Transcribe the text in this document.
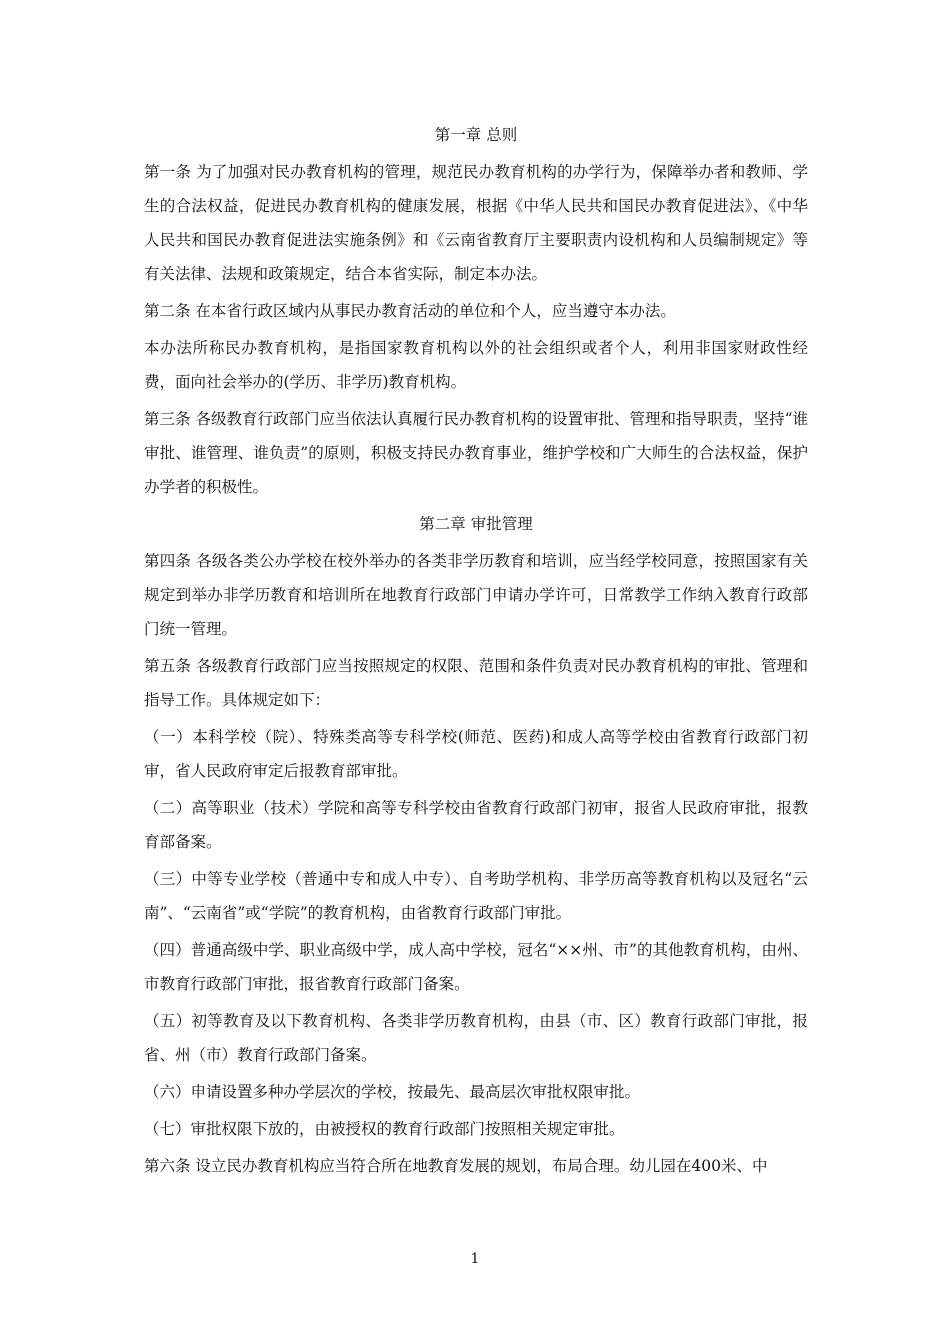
第一章 总则

第一条 为了加强对民办教育机构的管理，规范民办教育机构的办学行为，保障举办者和教师、学生的合法权益，促进民办教育机构的健康发展，根据《中华人民共和国民办教育促进法》、《中华人民共和国民办教育促进法实施条例》和《云南省教育厅主要职责内设机构和人员编制规定》等有关法律、法规和政策规定，结合本省实际，制定本办法。

第二条 在本省行政区域内从事民办教育活动的单位和个人，应当遵守本办法。

本办法所称民办教育机构，是指国家教育机构以外的社会组织或者个人，利用非国家财政性经费，面向社会举办的(学历、非学历)教育机构。

第三条 各级教育行政部门应当依法认真履行民办教育机构的设置审批、管理和指导职责，坚持“谁审批、谁管理、谁负责”的原则，积极支持民办教育事业，维护学校和广大师生的合法权益，保护办学者的积极性。

第二章 审批管理

第四条 各级各类公办学校在校外举办的各类非学历教育和培训，应当经学校同意，按照国家有关规定到举办非学历教育和培训所在地教育行政部门申请办学许可，日常教学工作纳入教育行政部门统一管理。

第五条 各级教育行政部门应当按照规定的权限、范围和条件负责对民办教育机构的审批、管理和指导工作。具体规定如下：

（一）本科学校（院）、特殊类高等专科学校(师范、医药)和成人高等学校由省教育行政部门初审，省人民政府审定后报教育部审批。

（二）高等职业（技术）学院和高等专科学校由省教育行政部门初审，报省人民政府审批，报教育部备案。

（三）中等专业学校（普通中专和成人中专）、自考助学机构、非学历高等教育机构以及冠名“云南”、“云南省”或“学院”的教育机构，由省教育行政部门审批。

（四）普通高级中学、职业高级中学，成人高中学校，冠名“××州、市”的其他教育机构，由州、市教育行政部门审批，报省教育行政部门备案。

（五）初等教育及以下教育机构、各类非学历教育机构，由县（市、区）教育行政部门审批，报省、州（市）教育行政部门备案。

（六）申请设置多种办学层次的学校，按最先、最高层次审批权限审批。

（七）审批权限下放的，由被授权的教育行政部门按照相关规定审批。

第六条 设立民办教育机构应当符合所在地教育发展的规划，布局合理。幼儿园在400米、中

1
